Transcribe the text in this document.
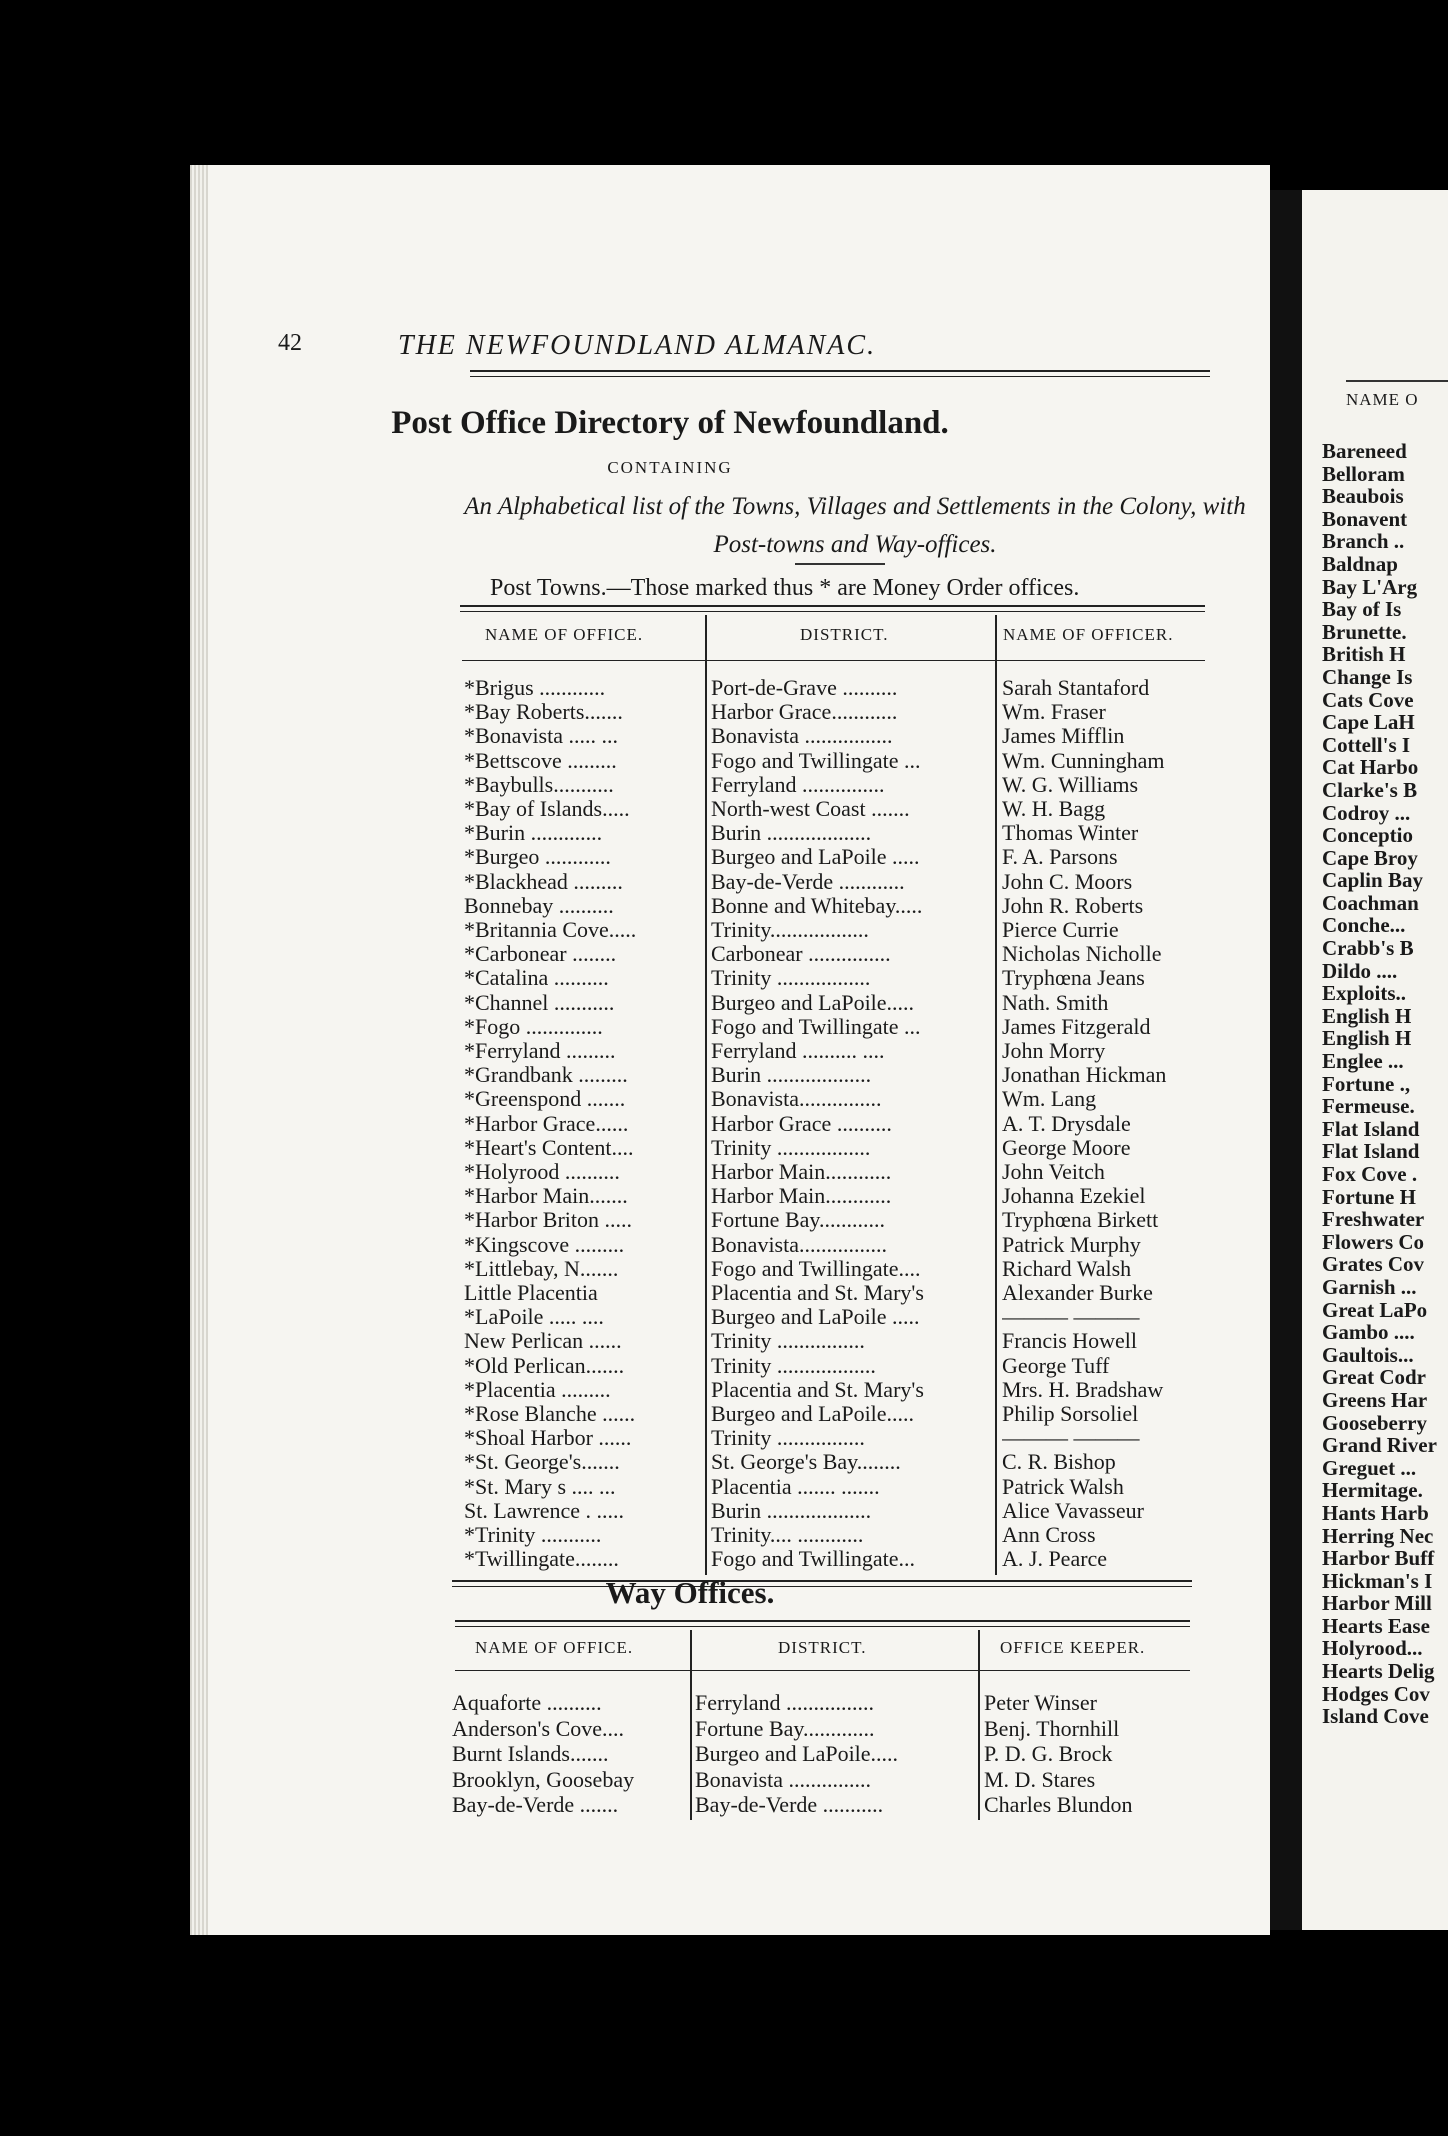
NAME O
Bareneed
Belloram
Beaubois
Bonavent
Branch ..
Baldnap
Bay L'Arg
Bay of Is
Brunette.
British H
Change Is
Cats Cove
Cape LaH
Cottell's I
Cat Harbo
Clarke's B
Codroy ...
Conceptio
Cape Broy
Caplin Bay
Coachman
Conche...
Crabb's B
Dildo ....
Exploits..
English H
English H
Englee ...
Fortune .,
Fermeuse.
Flat Island
Flat Island
Fox Cove .
Fortune H
Freshwater
Flowers Co
Grates Cov
Garnish ...
Great LaPo
Gambo ....
Gaultois...
Great Codr
Greens Har
Gooseberry
Grand River
Greguet ...
Hermitage.
Hants Harb
Herring Nec
Harbor Buff
Hickman's I
Harbor Mill
Hearts Ease
Holyrood...
Hearts Delig
Hodges Cov
Island Cove
42	THE NEWFOUNDLAND ALMANAC.
Post Office Directory of Newfoundland.
CONTAINING
An Alphabetical list of the Towns, Villages and Settlements in the Colony, with Post-towns and Way-offices.
Post Towns.—Those marked thus * are Money Order offices.
NAME OF OFFICE.	DISTRICT.	NAME OF OFFICER.
*Brigus ............	Port-de-Grave ..........	Sarah Stantaford
*Bay Roberts.......	Harbor Grace............	Wm. Fraser
*Bonavista ..... ...	Bonavista ................	James Mifflin
*Bettscove .........	Fogo and Twillingate ...	Wm. Cunningham
*Baybulls...........	Ferryland ...............	W. G. Williams
*Bay of Islands.....	North-west Coast .......	W. H. Bagg
*Burin .............	Burin ...................	Thomas Winter
*Burgeo ............	Burgeo and LaPoile .....	F. A. Parsons
*Blackhead .........	Bay-de-Verde ............	John C. Moors
Bonnebay ..........	Bonne and Whitebay.....	John R. Roberts
*Britannia Cove.....	Trinity..................	Pierce Currie
*Carbonear ........	Carbonear ...............	Nicholas Nicholle
*Catalina ..........	Trinity .................	Tryphœna Jeans
*Channel ...........	Burgeo and LaPoile.....	Nath. Smith
*Fogo ..............	Fogo and Twillingate ...	James Fitzgerald
*Ferryland .........	Ferryland .......... ....	John Morry
*Grandbank .........	Burin ...................	Jonathan Hickman
*Greenspond .......	Bonavista...............	Wm. Lang
*Harbor Grace......	Harbor Grace ..........	A. T. Drysdale
*Heart's Content....	Trinity .................	George Moore
*Holyrood ..........	Harbor Main............	John Veitch
*Harbor Main.......	Harbor Main............	Johanna Ezekiel
*Harbor Briton .....	Fortune Bay............	Tryphœna Birkett
*Kingscove .........	Bonavista................	Patrick Murphy
*Littlebay, N.......	Fogo and Twillingate....	Richard Walsh
Little Placentia	Placentia and St. Mary's	Alexander Burke
*LaPoile ..... ....	Burgeo and LaPoile .....	——— ———
New Perlican ......	Trinity ................	Francis Howell
*Old Perlican.......	Trinity ..................	George Tuff
*Placentia .........	Placentia and St. Mary's	Mrs. H. Bradshaw
*Rose Blanche ......	Burgeo and LaPoile.....	Philip Sorsoliel
*Shoal Harbor ......	Trinity ................	——— ———
*St. George's.......	St. George's Bay........	C. R. Bishop
*St. Mary s .... ...	Placentia ....... .......	Patrick Walsh
St. Lawrence . .....	Burin ...................	Alice Vavasseur
*Trinity ...........	Trinity.... ............	Ann Cross
*Twillingate........	Fogo and Twillingate...	A. J. Pearce
Way Offices.
NAME OF OFFICE.	DISTRICT.	OFFICE KEEPER.
Aquaforte ..........	Ferryland ................	Peter Winser
Anderson's Cove....	Fortune Bay.............	Benj. Thornhill
Burnt Islands.......	Burgeo and LaPoile.....	P. D. G. Brock
Brooklyn, Goosebay	Bonavista ...............	M. D. Stares
Bay-de-Verde .......	Bay-de-Verde ...........	Charles Blundon
